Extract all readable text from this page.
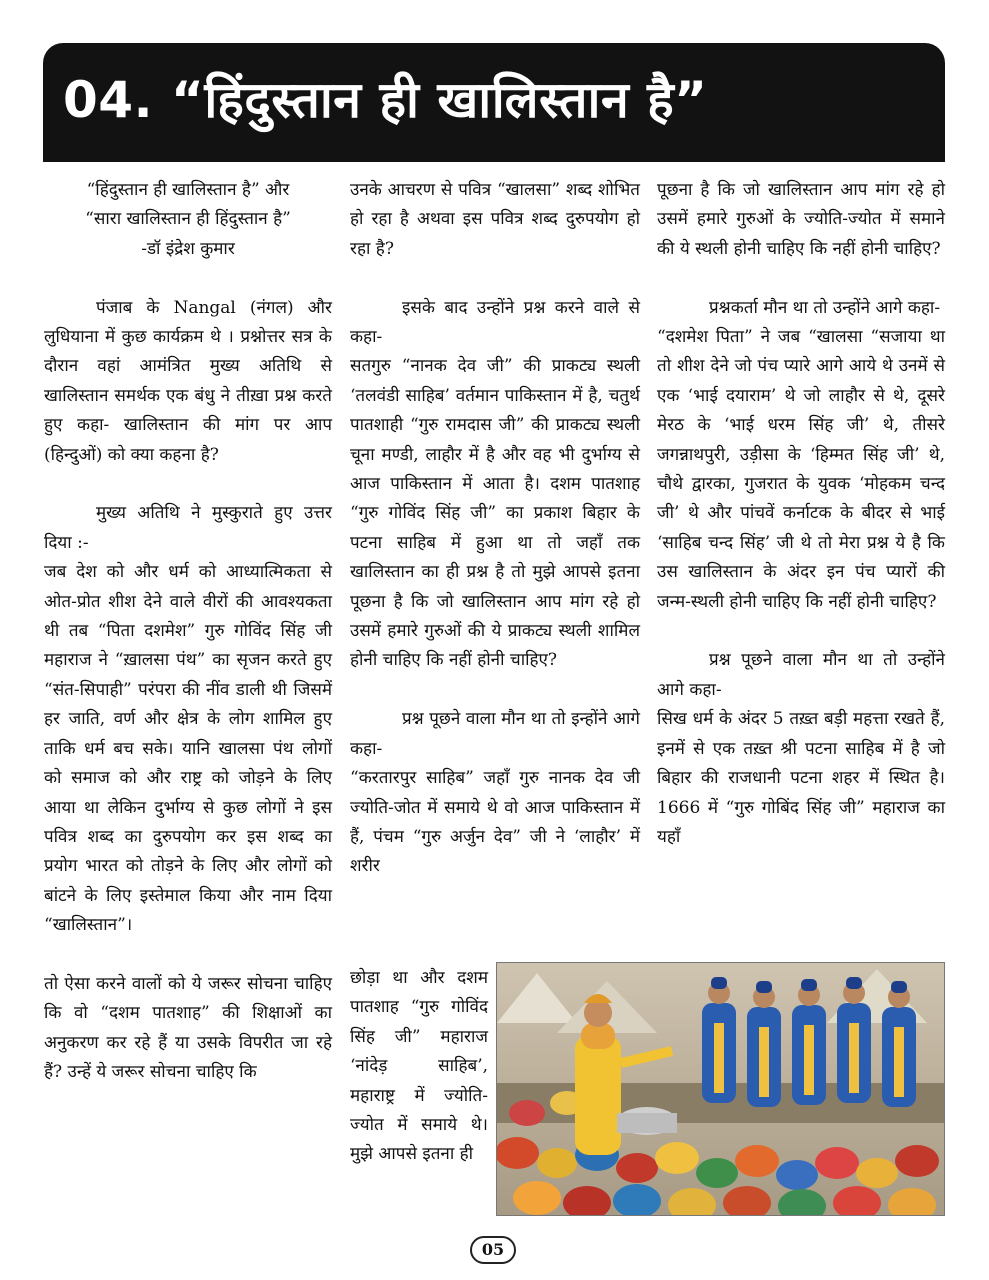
04. “हिंदुस्तान ही खालिस्तान है”
“हिंदुस्तान ही खालिस्तान है” और
“सारा खालिस्तान ही हिंदुस्तान है”
-डॉ इंद्रेश कुमार

पंजाब के Nangal (नंगल) और लुधियाना में कुछ कार्यक्रम थे । प्रश्नोत्तर सत्र के दौरान वहां आमंत्रित मुख्य अतिथि से खालिस्तान समर्थक एक बंधु ने तीख़ा प्रश्न करते हुए कहा- खालिस्तान की मांग पर आप (हिन्दुओं) को क्या कहना है?

मुख्य अतिथि ने मुस्कुराते हुए उत्तर दिया :-

जब देश को और धर्म को आध्यात्मिकता से ओत-प्रोत शीश देने वाले वीरों की आवश्यकता थी तब “पिता दशमेश” गुरु गोविंद सिंह जी महाराज ने “ख़ालसा पंथ” का सृजन करते हुए “संत-सिपाही” परंपरा की नींव डाली थी जिसमें हर जाति, वर्ण और क्षेत्र के लोग शामिल हुए ताकि धर्म बच सके। यानि खालसा पंथ लोगों को समाज को और राष्ट्र को जोड़ने के लिए आया था लेकिन दुर्भाग्य से कुछ लोगों ने इस पवित्र शब्द का दुरुपयोग कर इस शब्द का प्रयोग भारत को तोड़ने के लिए और लोगों को बांटने के लिए इस्तेमाल किया और नाम दिया “खालिस्तान”।

तो ऐसा करने वालों को ये जरूर सोचना चाहिए कि वो “दशम पातशाह” की शिक्षाओं का अनुकरण कर रहे हैं या उसके विपरीत जा रहे हैं? उन्हें ये जरूर सोचना चाहिए कि

उनके आचरण से पवित्र “खालसा” शब्द शोभित हो रहा है अथवा इस पवित्र शब्द दुरुपयोग हो रहा है?

इसके बाद उन्होंने प्रश्न करने वाले से कहा-

सतगुरु “नानक देव जी” की प्राकट्य स्थली ‘तलवंडी साहिब’ वर्तमान पाकिस्तान में है, चतुर्थ पातशाही “गुरु रामदास जी” की प्राकट्य स्थली चूना मण्डी, लाहौर में है और वह भी दुर्भाग्य से आज पाकिस्तान में आता है। दशम पातशाह “गुरु गोविंद सिंह जी” का प्रकाश बिहार के पटना साहिब में हुआ था तो जहाँ तक खालिस्तान का ही प्रश्न है तो मुझे आपसे इतना पूछना है कि जो खालिस्तान आप मांग रहे हो उसमें हमारे गुरुओं की ये प्राकट्य स्थली शामिल होनी चाहिए कि नहीं होनी चाहिए?

प्रश्न पूछने वाला मौन था तो इन्होंने आगे कहा-

“करतारपुर साहिब” जहाँ गुरु नानक देव जी ज्योति-जोत में समाये थे वो आज पाकिस्तान में हैं, पंचम “गुरु अर्जुन देव” जी ने ‘लाहौर’ में शरीर

छोड़ा था और दशम पातशाह “गुरु गोविंद सिंह जी” महाराज ‘नांदेड़ साहिब’, महाराष्ट्र में ज्योति-ज्योत में समाये थे। मुझे आपसे इतना ही

पूछना है कि जो खालिस्तान आप मांग रहे हो उसमें हमारे गुरुओं के ज्योति-ज्योत में समाने की ये स्थली होनी चाहिए कि नहीं होनी चाहिए?

प्रश्नकर्ता मौन था तो उन्होंने आगे कहा-

“दशमेश पिता” ने जब “खालसा “सजाया था तो शीश देने जो पंच प्यारे आगे आये थे उनमें से एक ‘भाई दयाराम’ थे जो लाहौर से थे, दूसरे मेरठ के ‘भाई धरम सिंह जी’ थे, तीसरे जगन्नाथपुरी, उड़ीसा के ‘हिम्मत सिंह जी’ थे, चौथे द्वारका, गुजरात के युवक ‘मोहकम चन्द जी’ थे और पांचवें कर्नाटक के बीदर से भाई ‘साहिब चन्द सिंह’ जी थे तो मेरा प्रश्न ये है कि उस खालिस्तान के अंदर इन पंच प्यारों की जन्म-स्थली होनी चाहिए कि नहीं होनी चाहिए?

प्रश्न पूछने वाला मौन था तो उन्होंने आगे कहा-

सिख धर्म के अंदर 5 तख़्त बड़ी महत्ता रखते हैं, इनमें से एक तख़्त श्री पटना साहिब में है जो बिहार की राजधानी पटना शहर में स्थित है। 1666 में “गुरु गोबिंद सिंह जी” महाराज का यहाँ

05
